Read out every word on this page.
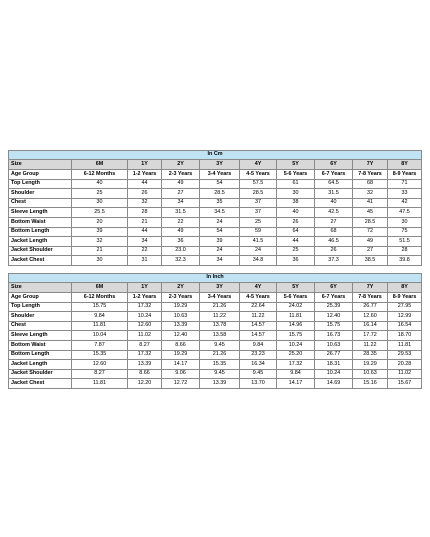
In Cm									
Size	6M	1Y	2Y	3Y	4Y	5Y	6Y	7Y	8Y
Age Group	6-12 Months	1-2 Years	2-3 Years	3-4 Years	4-5 Years	5-6 Years	6-7 Years	7-8 Years	8-9 Years
Top Length	40	44	49	54	57.5	61	64.5	68	71
Shoulder	25	26	27	28.5	28.5	30	31.5	32	33
Chest	30	32	34	35	37	38	40	41	42
Sleeve Length	25.5	28	31.5	34.5	37	40	42.5	45	47.5
Bottom Waist	20	21	22	24	25	26	27	28.5	30
Bottom Length	39	44	49	54	59	64	68	72	75
Jacket Length	32	34	36	39	41.5	44	46.5	49	51.5
Jacket Shoulder	21	22	23.0	24	24	25	26	27	28
Jacket Chest	30	31	32.3	34	34.8	36	37.3	38.5	39.8
In Inch									
Size	6M	1Y	2Y	3Y	4Y	5Y	6Y	7Y	8Y
Age Group	6-12 Months	1-2 Years	2-3 Years	3-4 Years	4-5 Years	5-6 Years	6-7 Years	7-8 Years	8-9 Years
Top Length	15.75	17.32	19.29	21.26	22.64	24.02	25.39	26.77	27.95
Shoulder	9.84	10.24	10.63	11.22	11.22	11.81	12.40	12.60	12.99
Chest	11.81	12.60	13.39	13.78	14.57	14.96	15.75	16.14	16.54
Sleeve Length	10.04	11.02	12.40	13.58	14.57	15.75	16.73	17.72	18.70
Bottom Waist	7.87	8.27	8.66	9.45	9.84	10.24	10.63	11.22	11.81
Bottom Length	15.35	17.32	19.29	21.26	23.23	25.20	26.77	28.35	29.53
Jacket Length	12.60	13.39	14.17	15.35	16.34	17.32	18.31	19.29	20.28
Jacket Shoulder	8.27	8.66	9.06	9.45	9.45	9.84	10.24	10.63	11.02
Jacket Chest	11.81	12.20	12.72	13.39	13.70	14.17	14.69	15.16	15.67
